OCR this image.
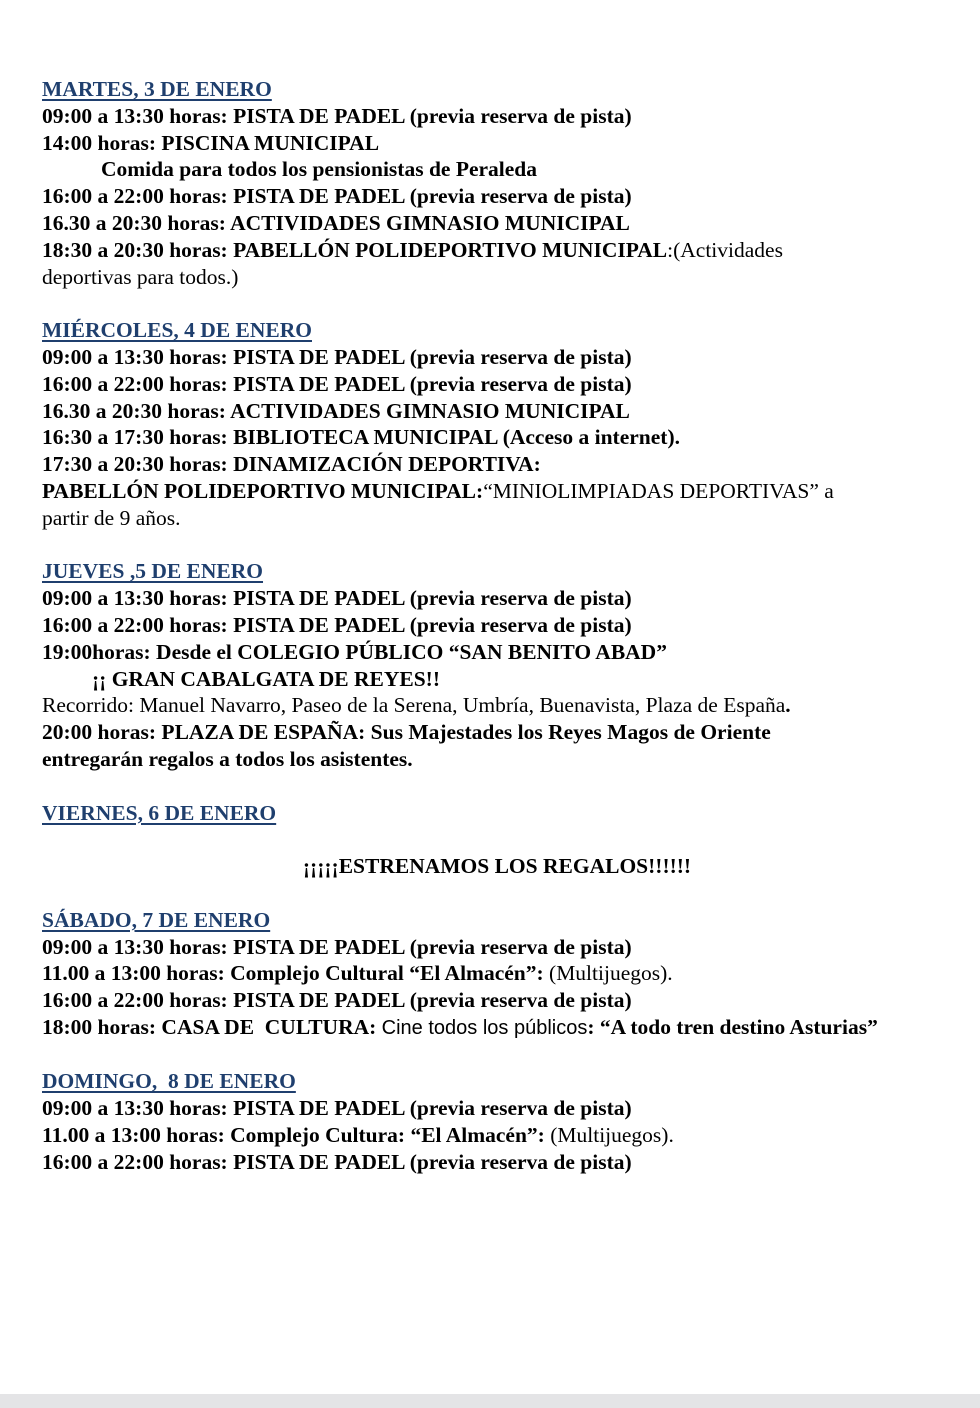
MARTES, 3 DE ENERO
09:00 a 13:30 horas: PISTA DE PADEL (previa reserva de pista)
14:00 horas: PISCINA MUNICIPAL
Comida para todos los pensionistas de Peraleda
16:00 a 22:00 horas: PISTA DE PADEL (previa reserva de pista)
16.30 a 20:30 horas: ACTIVIDADES GIMNASIO MUNICIPAL
18:30 a 20:30 horas: PABELLÓN POLIDEPORTIVO MUNICIPAL:(Actividades
deportivas para todos.)
MIÉRCOLES, 4 DE ENERO
09:00 a 13:30 horas: PISTA DE PADEL (previa reserva de pista)
16:00 a 22:00 horas: PISTA DE PADEL (previa reserva de pista)
16.30 a 20:30 horas: ACTIVIDADES GIMNASIO MUNICIPAL
16:30 a 17:30 horas: BIBLIOTECA MUNICIPAL (Acceso a internet).
17:30 a 20:30 horas: DINAMIZACIÓN DEPORTIVA:
PABELLÓN POLIDEPORTIVO MUNICIPAL:“MINIOLIMPIADAS DEPORTIVAS” a
partir de 9 años.
JUEVES ,5 DE ENERO
09:00 a 13:30 horas: PISTA DE PADEL (previa reserva de pista)
16:00 a 22:00 horas: PISTA DE PADEL (previa reserva de pista)
19:00horas: Desde el COLEGIO PÚBLICO “SAN BENITO ABAD”
¡¡ GRAN CABALGATA DE REYES!!
Recorrido: Manuel Navarro, Paseo de la Serena, Umbría, Buenavista, Plaza de España.
20:00 horas: PLAZA DE ESPAÑA: Sus Majestades los Reyes Magos de Oriente
entregarán regalos a todos los asistentes.
VIERNES, 6 DE ENERO
¡¡¡¡¡ESTRENAMOS LOS REGALOS!!!!!!
SÁBADO, 7 DE ENERO
09:00 a 13:30 horas: PISTA DE PADEL (previa reserva de pista)
11.00 a 13:00 horas: Complejo Cultural “El Almacén”: (Multijuegos).
16:00 a 22:00 horas: PISTA DE PADEL (previa reserva de pista)
18:00 horas: CASA DE  CULTURA: Cine todos los públicos: “A todo tren destino Asturias”
DOMINGO,  8 DE ENERO
09:00 a 13:30 horas: PISTA DE PADEL (previa reserva de pista)
11.00 a 13:00 horas: Complejo Cultura: “El Almacén”: (Multijuegos).
16:00 a 22:00 horas: PISTA DE PADEL (previa reserva de pista)
